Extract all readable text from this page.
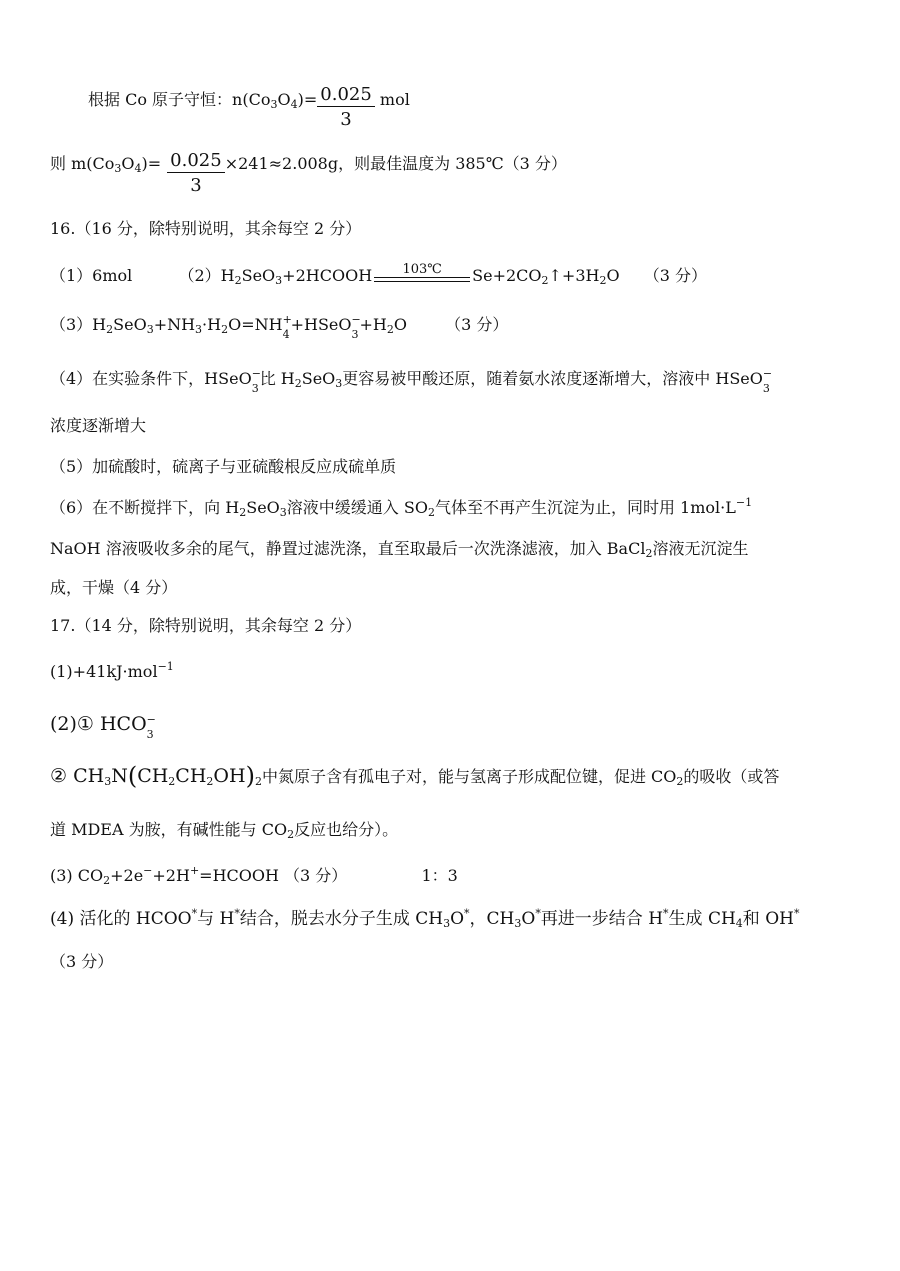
根据 Co 原子守恒：$n(Co_3O_4)= \frac{0.025}{3}$ mol
则 $m(Co_3O_4)= \frac{0.025}{3} \times 241\approx 2.008g$，则最佳温度为 385℃（3 分）
16.（16 分，除特别说明，其余每空 2 分）
（1）6mol	$(2)H_2SeO_3+2HCOOH$	103℃	$Se+2CO_2↑+3H_2O$ （3 分）
$(3)H_2SeO_3+NH_3\cdot H_2O=NH$ +
4
+HSeO −
3
$+H_2O$ （3 分）
（4）在实验条件下，HSeO −
3
比 $H_2SeO_3$更容易被甲酸还原，随着氨水浓度逐渐增大，溶液中 HSeO −
3
浓度逐渐增大
（5）加硫酸时，硫离子与亚硫酸根反应成硫单质
（6）在不断搅拌下，向 $H_2SeO_3$溶液中缓缓通入 $SO_2$气体至不再产生沉淀为止，同时用 $1mol\cdot L^{-1}$
NaOH 溶液吸收多余的尾气，静置过滤洗涤，直至取最后一次洗涤滤液，加入 BaCl$_2$溶液无沉淀生
成，干燥（4 分）
17.（14 分，除特别说明，其余每空 2 分）
(1)+41kJ·mol$^{-1}$
(2)① HCO −
3
② $CH_3N(CH_2CH_2OH)_2$中氮原子含有孤电子对，能与氢离子形成配位键，促进 $CO_2$的吸收（或答
道 MDEA 为胺，有碱性能与 $CO_2$反应也给分）。
(3) $CO_2+2e^-+2H^+=HCOOH$ （3 分）	1：3
(4) 活化的 HCOO*与 H*结合，脱去水分子生成 $CH_3O^*$，$CH_3O^*$再进一步结合 H*生成 $CH_4$和 OH*
（3 分）
